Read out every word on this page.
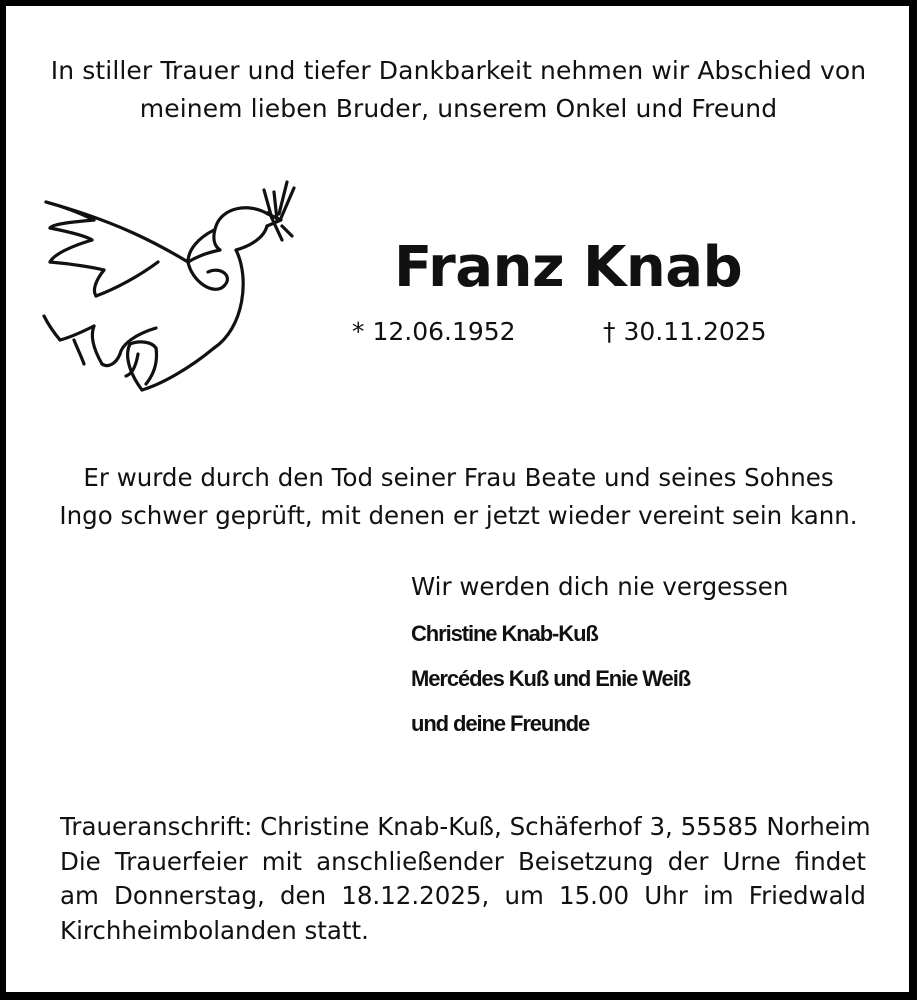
In stiller Trauer und tiefer Dankbarkeit nehmen wir Abschied von
meinem lieben Bruder, unserem Onkel und Freund
Franz Knab
* 12.06.1952	† 30.11.2025
Er wurde durch den Tod seiner Frau Beate und seines Sohnes
Ingo schwer geprüft, mit denen er jetzt wieder vereint sein kann.
Wir werden dich nie vergessen
Christine Knab-Kuß
Mercédes Kuß und Enie Weiß
und deine Freunde
Traueranschrift: Christine Knab-Kuß, Schäferhof 3, 55585 Norheim
Die Trauerfeier mit anschließender Beisetzung der Urne findet
am Donnerstag, den 18.12.2025, um 15.00 Uhr im Friedwald
Kirchheimbolanden statt.
